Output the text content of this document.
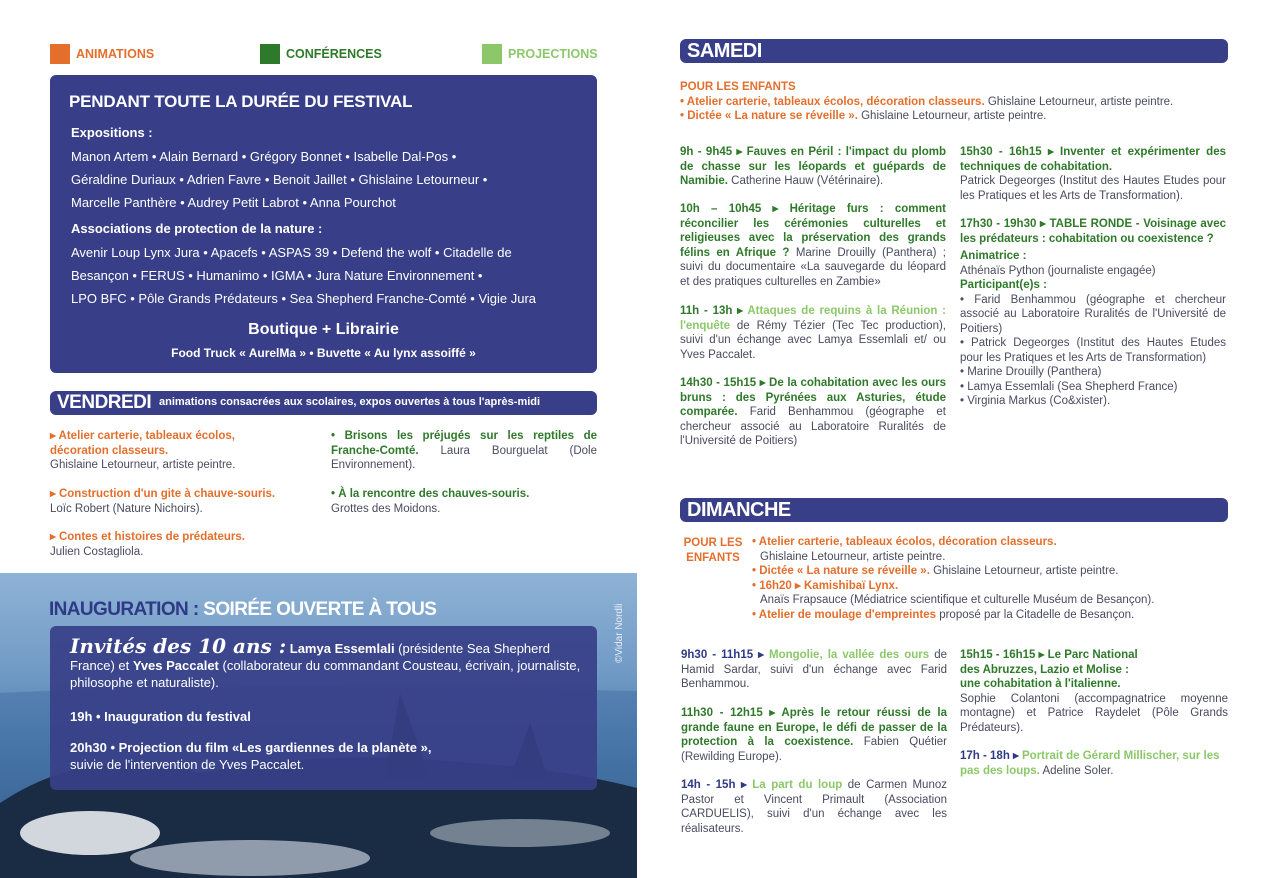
ANIMATIONS	CONFÉRENCES	PROJECTIONS
PENDANT TOUTE LA DURÉE DU FESTIVAL
Expositions :
Manon Artem • Alain Bernard • Grégory Bonnet • Isabelle Dal-Pos •
Géraldine Duriaux • Adrien Favre • Benoit Jaillet • Ghislaine Letourneur •
Marcelle Panthère • Audrey Petit Labrot • Anna Pourchot
Associations de protection de la nature :
Avenir Loup Lynx Jura • Apacefs • ASPAS 39 • Defend the wolf • Citadelle de
Besançon • FERUS • Humanimo • IGMA • Jura Nature Environnement •
LPO BFC • Pôle Grands Prédateurs • Sea Shepherd Franche-Comté • Vigie Jura
Boutique + Librairie
Food Truck « AurelMa » • Buvette « Au lynx assoiffé »
VENDREDI animations consacrées aux scolaires, expos ouvertes à tous l'après-midi
▸ Atelier carterie, tableaux écolos, décoration classeurs.
Ghislaine Letourneur, artiste peintre.
▸ Construction d'un gite à chauve-souris.
Loïc Robert (Nature Nichoirs).
▸ Contes et histoires de prédateurs.
Julien Costagliola.
• Brisons les préjugés sur les reptiles de Franche-Comté. Laura Bourguelat (Dole Environnement).
• À la rencontre des chauves-souris.
Grottes des Moidons.
INAUGURATION : SOIRÉE OUVERTE À TOUS	©Vidar Nordli
Invités des 10 ans : Lamya Essemlali (présidente Sea Shepherd France) et Yves Paccalet (collaborateur du commandant Cousteau, écrivain, journaliste, philosophe et naturaliste).
19h • Inauguration du festival
20h30 • Projection du film «Les gardiennes de la planète »,
suivie de l'intervention de Yves Paccalet.
SAMEDI
POUR LES ENFANTS
• Atelier carterie, tableaux écolos, décoration classeurs. Ghislaine Letourneur, artiste peintre.
• Dictée « La nature se réveille ». Ghislaine Letourneur, artiste peintre.
9h - 9h45 ▸ Fauves en Péril : l'impact du plomb de chasse sur les léopards et guépards de Namibie. Catherine Hauw (Vétérinaire).
10h – 10h45 ▸ Héritage furs : comment réconcilier les cérémonies culturelles et religieuses avec la préservation des grands félins en Afrique ? Marine Drouilly (Panthera) ; suivi du documentaire «La sauvegarde du léopard et des pratiques culturelles en Zambie»
11h - 13h ▸ Attaques de requins à la Réunion : l'enquête de Rémy Tézier (Tec Tec production), suivi d'un échange avec Lamya Essemlali et/ ou Yves Paccalet.
14h30 - 15h15 ▸ De la cohabitation avec les ours bruns : des Pyrénées aux Asturies, étude comparée. Farid Benhammou (géographe et chercheur associé au Laboratoire Ruralités de l'Université de Poitiers)
15h30 - 16h15 ▸ Inventer et expérimenter des techniques de cohabitation.
Patrick Degeorges (Institut des Hautes Etudes pour les Pratiques et les Arts de Transformation).
17h30 - 19h30 ▸ TABLE RONDE - Voisinage avec les prédateurs : cohabitation ou coexistence ?
Animatrice :
Athénaïs Python (journaliste engagée)
Participant(e)s :
• Farid Benhammou (géographe et chercheur associé au Laboratoire Ruralités de l'Université de Poitiers)
• Patrick Degeorges (Institut des Hautes Etudes pour les Pratiques et les Arts de Transformation)
• Marine Drouilly (Panthera)
• Lamya Essemlali (Sea Shepherd France)
• Virginia Markus (Co&xister).
DIMANCHE
POUR LES
ENFANTS
• Atelier carterie, tableaux écolos, décoration classeurs.
Ghislaine Letourneur, artiste peintre.
• Dictée « La nature se réveille ». Ghislaine Letourneur, artiste peintre.
• 16h20 ▸ Kamishibaï Lynx.
Anaïs Frapsauce (Médiatrice scientifique et culturelle Muséum de Besançon).
• Atelier de moulage d'empreintes proposé par la Citadelle de Besançon.
9h30 - 11h15 ▸ Mongolie, la vallée des ours de Hamid Sardar, suivi d'un échange avec Farid Benhammou.
11h30 - 12h15 ▸ Après le retour réussi de la grande faune en Europe, le défi de passer de la protection à la coexistence. Fabien Quétier (Rewilding Europe).
14h - 15h ▸ La part du loup de Carmen Munoz Pastor et Vincent Primault (Association CARDUELIS), suivi d'un échange avec les réalisateurs.
15h15 - 16h15 ▸ Le Parc National
des Abruzzes, Lazio et Molise :
une cohabitation à l'italienne.
Sophie Colantoni (accompagnatrice moyenne montagne) et Patrice Raydelet (Pôle Grands Prédateurs).
17h - 18h ▸ Portrait de Gérard Millischer, sur les pas des loups. Adeline Soler.
